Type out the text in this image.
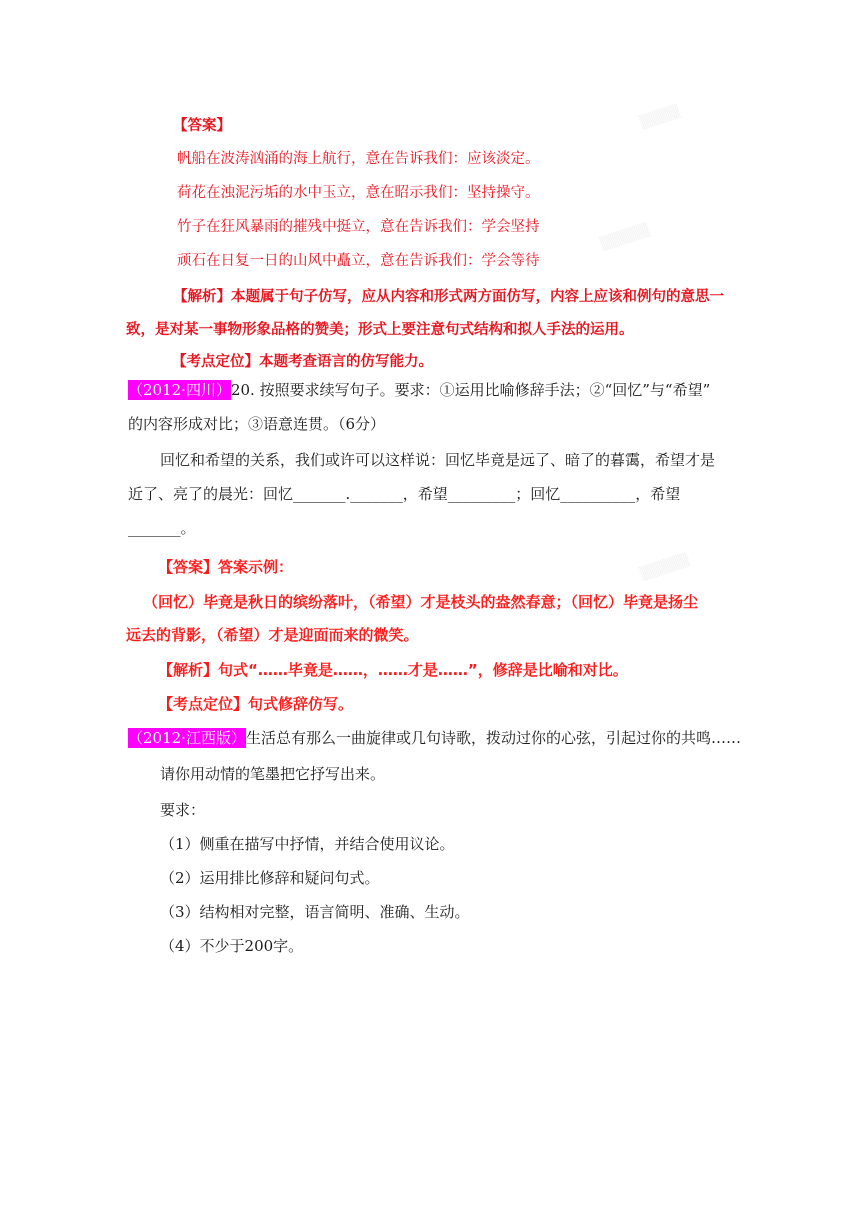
▒▒▒▒
▒▒▒▒▒
▒▒▒▒▒
【答案】
帆船在波涛汹涌的海上航行，意在告诉我们：应该淡定。
荷花在浊泥污垢的水中玉立，意在昭示我们：坚持操守。
竹子在狂风暴雨的摧残中挺立，意在告诉我们：学会坚持
顽石在日复一日的山风中矗立，意在告诉我们：学会等待
【解析】本题属于句子仿写，应从内容和形式两方面仿写，内容上应该和例句的意思一
致，是对某一事物形象品格的赞美；形式上要注意句式结构和拟人手法的运用。
【考点定位】本题考查语言的仿写能力。
（2012·四川）20. 按照要求续写句子。要求：①运用比喻修辞手法；②“回忆”与“希望”
的内容形成对比；③语意连贯。（6分）
回忆和希望的关系，我们或许可以这样说：回忆毕竟是远了、暗了的暮霭，希望才是
近了、亮了的晨光：回忆_______._______，希望_________；回忆__________，希望
_______。
【答案】答案示例：
（回忆）毕竟是秋日的缤纷落叶，（希望）才是枝头的盎然春意；（回忆）毕竟是扬尘
远去的背影，（希望）才是迎面而来的微笑。
【解析】句式“……毕竟是……，……才是……”，修辞是比喻和对比。
【考点定位】句式修辞仿写。
（2012·江西版）生活总有那么一曲旋律或几句诗歌，拨动过你的心弦，引起过你的共鸣……
请你用动情的笔墨把它抒写出来。
要求：
（1）侧重在描写中抒情，并结合使用议论。
（2）运用排比修辞和疑问句式。
（3）结构相对完整，语言简明、准确、生动。
（4）不少于200字。
